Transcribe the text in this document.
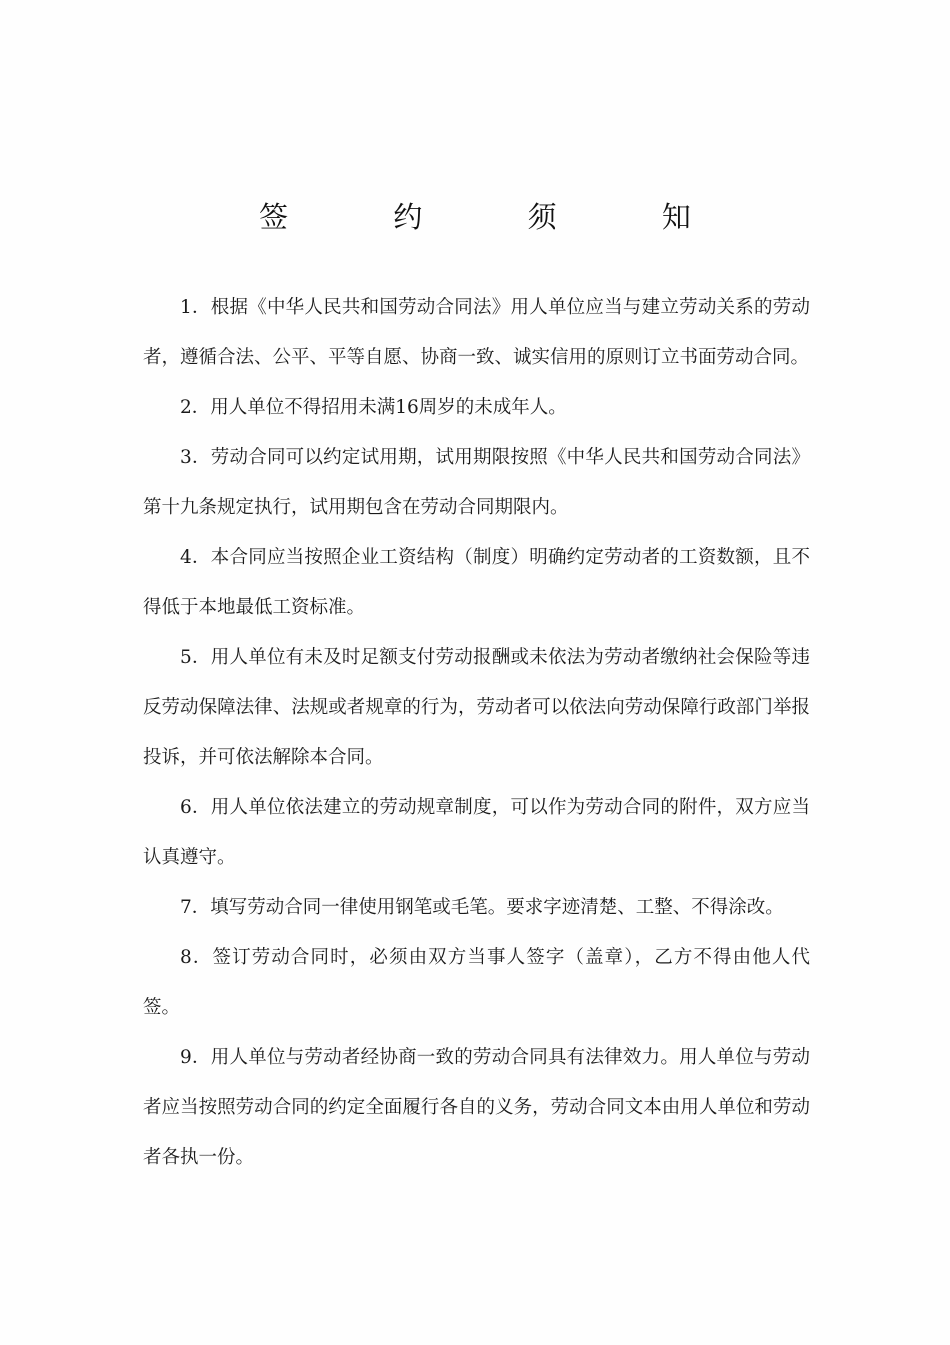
签 约 须 知

1．根据《中华人民共和国劳动合同法》用人单位应当与建立劳动关系的劳动者，遵循合法、公平、平等自愿、协商一致、诚实信用的原则订立书面劳动合同。

2．用人单位不得招用未满16周岁的未成年人。

3．劳动合同可以约定试用期，试用期限按照《中华人民共和国劳动合同法》第十九条规定执行，试用期包含在劳动合同期限内。

4．本合同应当按照企业工资结构（制度）明确约定劳动者的工资数额，且不得低于本地最低工资标准。

5．用人单位有未及时足额支付劳动报酬或未依法为劳动者缴纳社会保险等违反劳动保障法律、法规或者规章的行为，劳动者可以依法向劳动保障行政部门举报投诉，并可依法解除本合同。

6．用人单位依法建立的劳动规章制度，可以作为劳动合同的附件，双方应当认真遵守。

7．填写劳动合同一律使用钢笔或毛笔。要求字迹清楚、工整、不得涂改。

8．签订劳动合同时，必须由双方当事人签字（盖章），乙方不得由他人代签。

9．用人单位与劳动者经协商一致的劳动合同具有法律效力。用人单位与劳动者应当按照劳动合同的约定全面履行各自的义务，劳动合同文本由用人单位和劳动者各执一份。
